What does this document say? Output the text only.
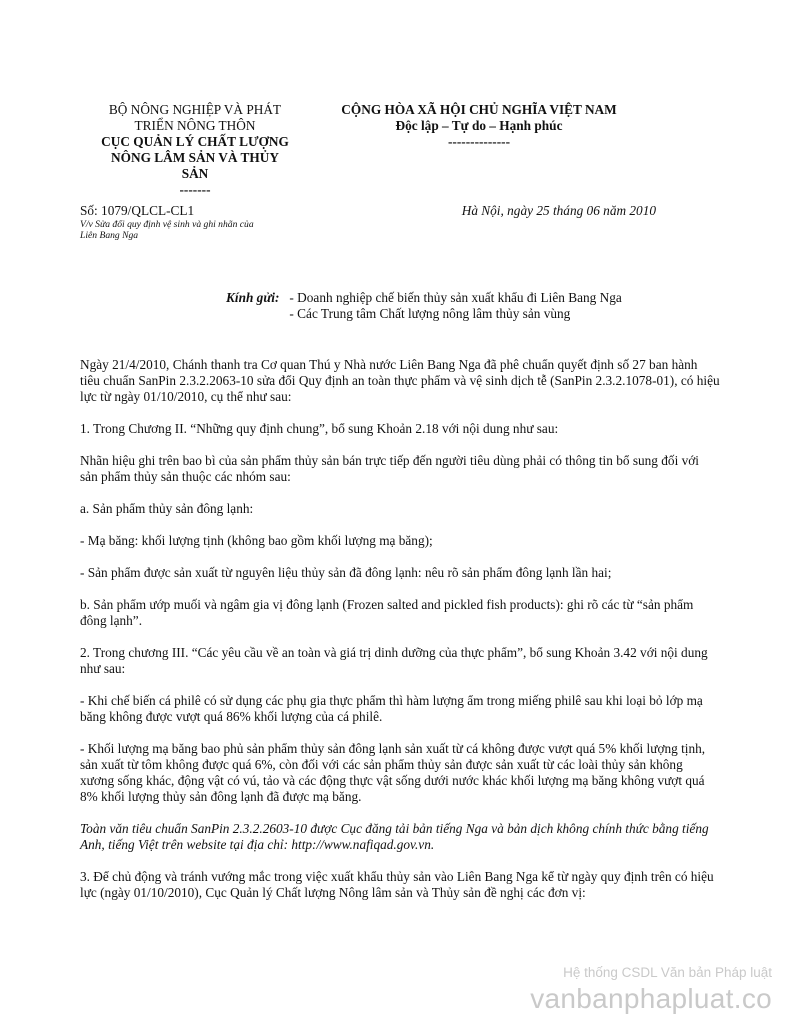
BỘ NÔNG NGHIỆP VÀ PHÁT
TRIỂN NÔNG THÔN
CỤC QUẢN LÝ CHẤT LƯỢNG
NÔNG LÂM SẢN VÀ THỦY
SẢN
-------
CỘNG HÒA XÃ HỘI CHỦ NGHĨA VIỆT NAM
Độc lập – Tự do – Hạnh phúc
--------------
Số: 1079/QLCL-CL1
V/v Sửa đổi quy định vệ sinh và ghi nhãn của
Liên Bang Nga
Hà Nội, ngày 25 tháng 06 năm 2010
Kính gửi:	- Doanh nghiệp chế biến thủy sản xuất khẩu đi Liên Bang Nga
	- Các Trung tâm Chất lượng nông lâm thủy sản vùng

Ngày 21/4/2010, Chánh thanh tra Cơ quan Thú y Nhà nước Liên Bang Nga đã phê chuẩn quyết định số 27 ban hành tiêu chuẩn SanPin 2.3.2.2063-10 sửa đổi Quy định an toàn thực phẩm và vệ sinh dịch tễ (SanPin 2.3.2.1078-01), có hiệu lực từ ngày 01/10/2010, cụ thể như sau:

1. Trong Chương II. “Những quy định chung”, bổ sung Khoản 2.18 với nội dung như sau:

Nhãn hiệu ghi trên bao bì của sản phẩm thủy sản bán trực tiếp đến người tiêu dùng phải có thông tin bổ sung đối với sản phẩm thủy sản thuộc các nhóm sau:

a. Sản phẩm thủy sản đông lạnh:

- Mạ băng: khối lượng tịnh (không bao gồm khối lượng mạ băng);

- Sản phẩm được sản xuất từ nguyên liệu thủy sản đã đông lạnh: nêu rõ sản phẩm đông lạnh lần hai;

b. Sản phẩm ướp muối và ngâm gia vị đông lạnh (Frozen salted and pickled fish products): ghi rõ các từ “sản phẩm đông lạnh”.

2. Trong chương III. “Các yêu cầu về an toàn và giá trị dinh dưỡng của thực phẩm”, bổ sung Khoản 3.42 với nội dung như sau:

- Khi chế biến cá philê có sử dụng các phụ gia thực phẩm thì hàm lượng ẩm trong miếng philê sau khi loại bỏ lớp mạ băng không được vượt quá 86% khối lượng của cá philê.

- Khối lượng mạ băng bao phủ sản phẩm thủy sản đông lạnh sản xuất từ cá không được vượt quá 5% khối lượng tịnh, sản xuất từ tôm không được quá 6%, còn đối với các sản phẩm thủy sản được sản xuất từ các loài thủy sản không xương sống khác, động vật có vú, tảo và các động thực vật sống dưới nước khác khối lượng mạ băng không vượt quá 8% khối lượng thủy sản đông lạnh đã được mạ băng.

Toàn văn tiêu chuẩn SanPin 2.3.2.2603-10 được Cục đăng tải bản tiếng Nga và bản dịch không chính thức bằng tiếng Anh, tiếng Việt trên website tại địa chỉ: http://www.nafiqad.gov.vn.

3. Để chủ động và tránh vướng mắc trong việc xuất khẩu thủy sản vào Liên Bang Nga kể từ ngày quy định trên có hiệu lực (ngày 01/10/2010), Cục Quản lý Chất lượng Nông lâm sản và Thủy sản đề nghị các đơn vị:

Hệ thống CSDL Văn bản Pháp luật
vanbanphapluat.co
